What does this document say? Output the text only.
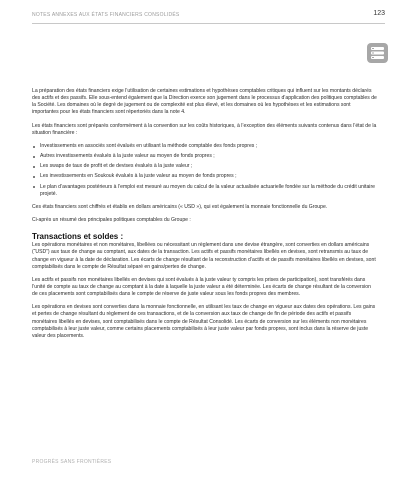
NOTES ANNEXES AUX ÉTATS FINANCIERS CONSOLIDÉS	123

La préparation des états financiers exige l’utilisation de certaines estimations et hypothèses comptables critiques qui influent sur les montants déclarés des actifs et des passifs. Elle sous-entend également que la Direction exerce son jugement dans le processus d’application des politiques comptables de la Société. Les domaines où le degré de jugement ou de complexité est plus élevé, et les domaines où les hypothèses et les estimations sont importantes pour les états financiers sont répertoriés dans la note 4.

Les états financiers sont préparés conformément à la convention sur les coûts historiques, à l’exception des éléments suivants contenus dans l’état de la situation financière :

Investissements en associés sont évalués en utilisant la méthode comptable des fonds propres ;
Autres investissements évalués à la juste valeur au moyen de fonds propres ;
Les swaps de taux de profit et de devises évalués à la juste valeur ;
Les investissements en Soukouk évalués à la juste valeur au moyen de fonds propres ;
Le plan d’avantages postérieurs à l’emploi est mesuré au moyen du calcul de la valeur actualisée actuarielle fondée sur la méthode du crédit unitaire projeté.

Ces états financiers sont chiffrés et établis en dollars américains (« USD »), qui est également la monnaie fonctionnelle du Groupe.

Ci-après un résumé des principales politiques comptables du Groupe :

Transactions et soldes :

Les opérations monétaires et non monétaires, libellées ou nécessitant un règlement dans une devise étrangère, sont converties en dollars américains (“USD”) aux taux de change au comptant, aux dates de la transaction. Les actifs et passifs monétaires libellés en devises, sont retransmis au taux de change en vigueur à la date de déclaration. Les écarts de change résultant de la reconstruction d’actifs et de passifs monétaires libellés en devises, sont comptabilisés dans le compte de Résultat séparé en gains/pertes de change.

Les actifs et passifs non monétaires libellés en devises qui sont évalués à la juste valeur ty compris les prises de participation), sont transférés dans l’unité de compte au taux de change au comptant à la date à laquelle la juste valeur a été déterminée. Les écarts de change résultant de la conversion de ces placements sont comptabilisés dans le compte de réserve de juste valeur sous les fonds propres des membres.

Les opérations en devises sont converties dans la monnaie fonctionnelle, en utilisant les taux de change en vigueur aux dates des opérations. Les gains et pertes de change résultant du règlement de ces transactions, et de la conversion aux taux de change de fin de période des actifs et passifs monétaires libellés en devises, sont comptabilisés dans le compte de Résultat Consolidé. Les écarts de conversion sur les éléments non monétaires comptabilisés à leur juste valeur, comme certains placements comptabilisés à leur juste valeur par fonds propres, sont inclus dans la réserve de juste valeur des placements.

PROGRÈS SANS FRONTIÈRES
